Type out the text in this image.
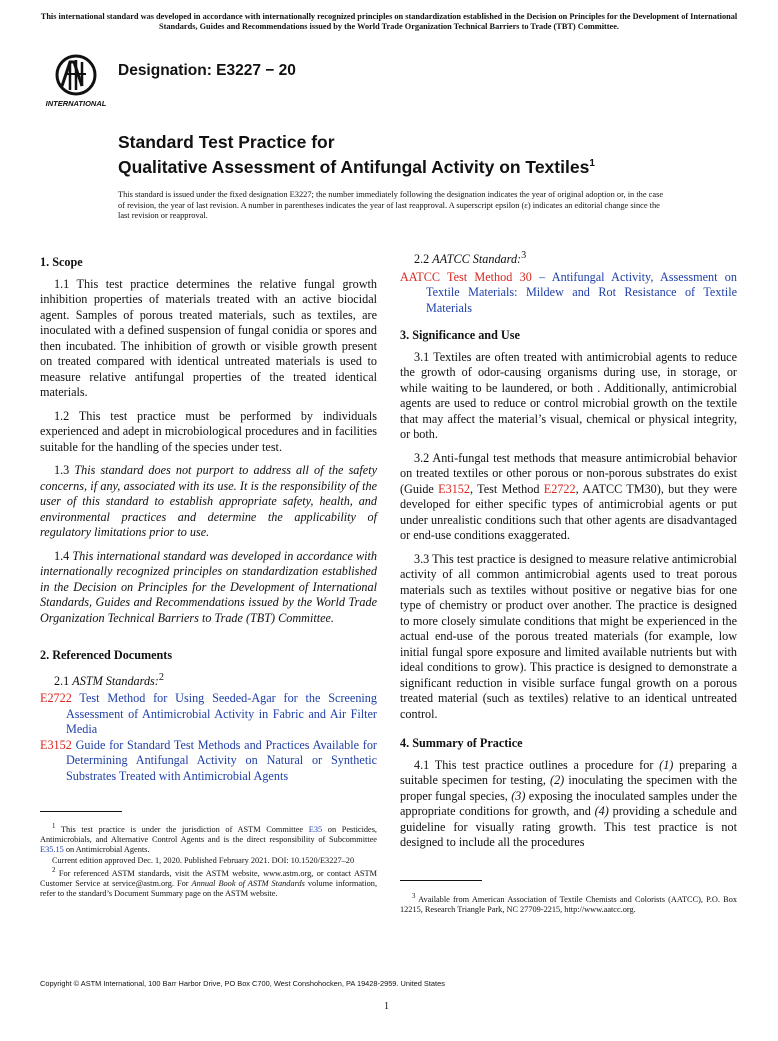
This international standard was developed in accordance with internationally recognized principles on standardization established in the Decision on Principles for the Development of International Standards, Guides and Recommendations issued by the World Trade Organization Technical Barriers to Trade (TBT) Committee.
INTERNATIONAL
Designation: E3227 − 20
Standard Test Practice for
Qualitative Assessment of Antifungal Activity on Textiles$^1$
This standard is issued under the fixed designation E3227; the number immediately following the designation indicates the year of original adoption or, in the case of revision, the year of last revision. A number in parentheses indicates the year of last reapproval. A superscript epsilon (ε) indicates an editorial change since the last revision or reapproval.
1. Scope

1.1 This test practice determines the relative fungal growth inhibition properties of materials treated with an active biocidal agent. Samples of porous treated materials, such as textiles, are inoculated with a defined suspension of fungal conidia or spores and then incubated. The inhibition of growth or visible growth present on treated compared with identical untreated materials is used to measure relative antifungal properties of the treated identical materials.

1.2 This test practice must be performed by individuals experienced and adept in microbiological procedures and in facilities suitable for the handling of the species under test.

1.3 This standard does not purport to address all of the safety concerns, if any, associated with its use. It is the responsibility of the user of this standard to establish appropriate safety, health, and environmental practices and determine the applicability of regulatory limitations prior to use.

1.4 This international standard was developed in accordance with internationally recognized principles on standardization established in the Decision on Principles for the Development of International Standards, Guides and Recommendations issued by the World Trade Organization Technical Barriers to Trade (TBT) Committee.

2. Referenced Documents

2.1 ASTM Standards:$^2$

E2722 Test Method for Using Seeded-Agar for the Screening Assessment of Antimicrobial Activity in Fabric and Air Filter Media
E3152 Guide for Standard Test Methods and Practices Available for Determining Antifungal Activity on Natural or Synthetic Substrates Treated with Antimicrobial Agents

$^1$ This test practice is under the jurisdiction of ASTM Committee E35 on Pesticides, Antimicrobials, and Alternative Control Agents and is the direct responsibility of Subcommittee E35.15 on Antimicrobial Agents.

Current edition approved Dec. 1, 2020. Published February 2021. DOI: 10.1520/E3227–20

$^2$ For referenced ASTM standards, visit the ASTM website, www.astm.org, or contact ASTM Customer Service at service@astm.org. For Annual Book of ASTM Standards volume information, refer to the standard’s Document Summary page on the ASTM website.

2.2 AATCC Standard:$^3$

AATCC Test Method 30 – Antifungal Activity, Assessment on Textile Materials: Mildew and Rot Resistance of Textile Materials
3. Significance and Use

3.1 Textiles are often treated with antimicrobial agents to reduce the growth of odor-causing organisms during use, in storage, or while waiting to be laundered, or both . Additionally, antimicrobial agents are used to reduce or control microbial growth on the textile that may affect the material’s visual, chemical or physical integrity, or both.

3.2 Anti-fungal test methods that measure antimicrobial behavior on treated textiles or other porous or non-porous substrates do exist (Guide E3152, Test Method E2722, AATCC TM30), but they were developed for either specific types of antimicrobial agents or put under unrealistic conditions such that other agents are disadvantaged or end-use conditions exaggerated.

3.3 This test practice is designed to measure relative antimicrobial activity of all common antimicrobial agents used to treat porous materials such as textiles without positive or negative bias for one type of chemistry or product over another. The practice is designed to more closely simulate conditions that might be experienced in the actual end-use of the porous treated materials (for example, low initial fungal spore exposure and limited available nutrients but with ideal conditions to grow). This practice is designed to demonstrate a significant reduction in visible surface fungal growth on a porous treated material (such as textiles) relative to an identical untreated control.

4. Summary of Practice

4.1 This test practice outlines a procedure for (1) preparing a suitable specimen for testing, (2) inoculating the specimen with the proper fungal species, (3) exposing the inoculated samples under the appropriate conditions for growth, and (4) providing a schedule and guideline for visually rating growth. This test practice is not designed to include all the procedures

$^3$ Available from American Association of Textile Chemists and Colorists (AATCC), P.O. Box 12215, Research Triangle Park, NC 27709-2215, http://www.aatcc.org.

Copyright © ASTM International, 100 Barr Harbor Drive, PO Box C700, West Conshohocken, PA 19428-2959. United States
1
